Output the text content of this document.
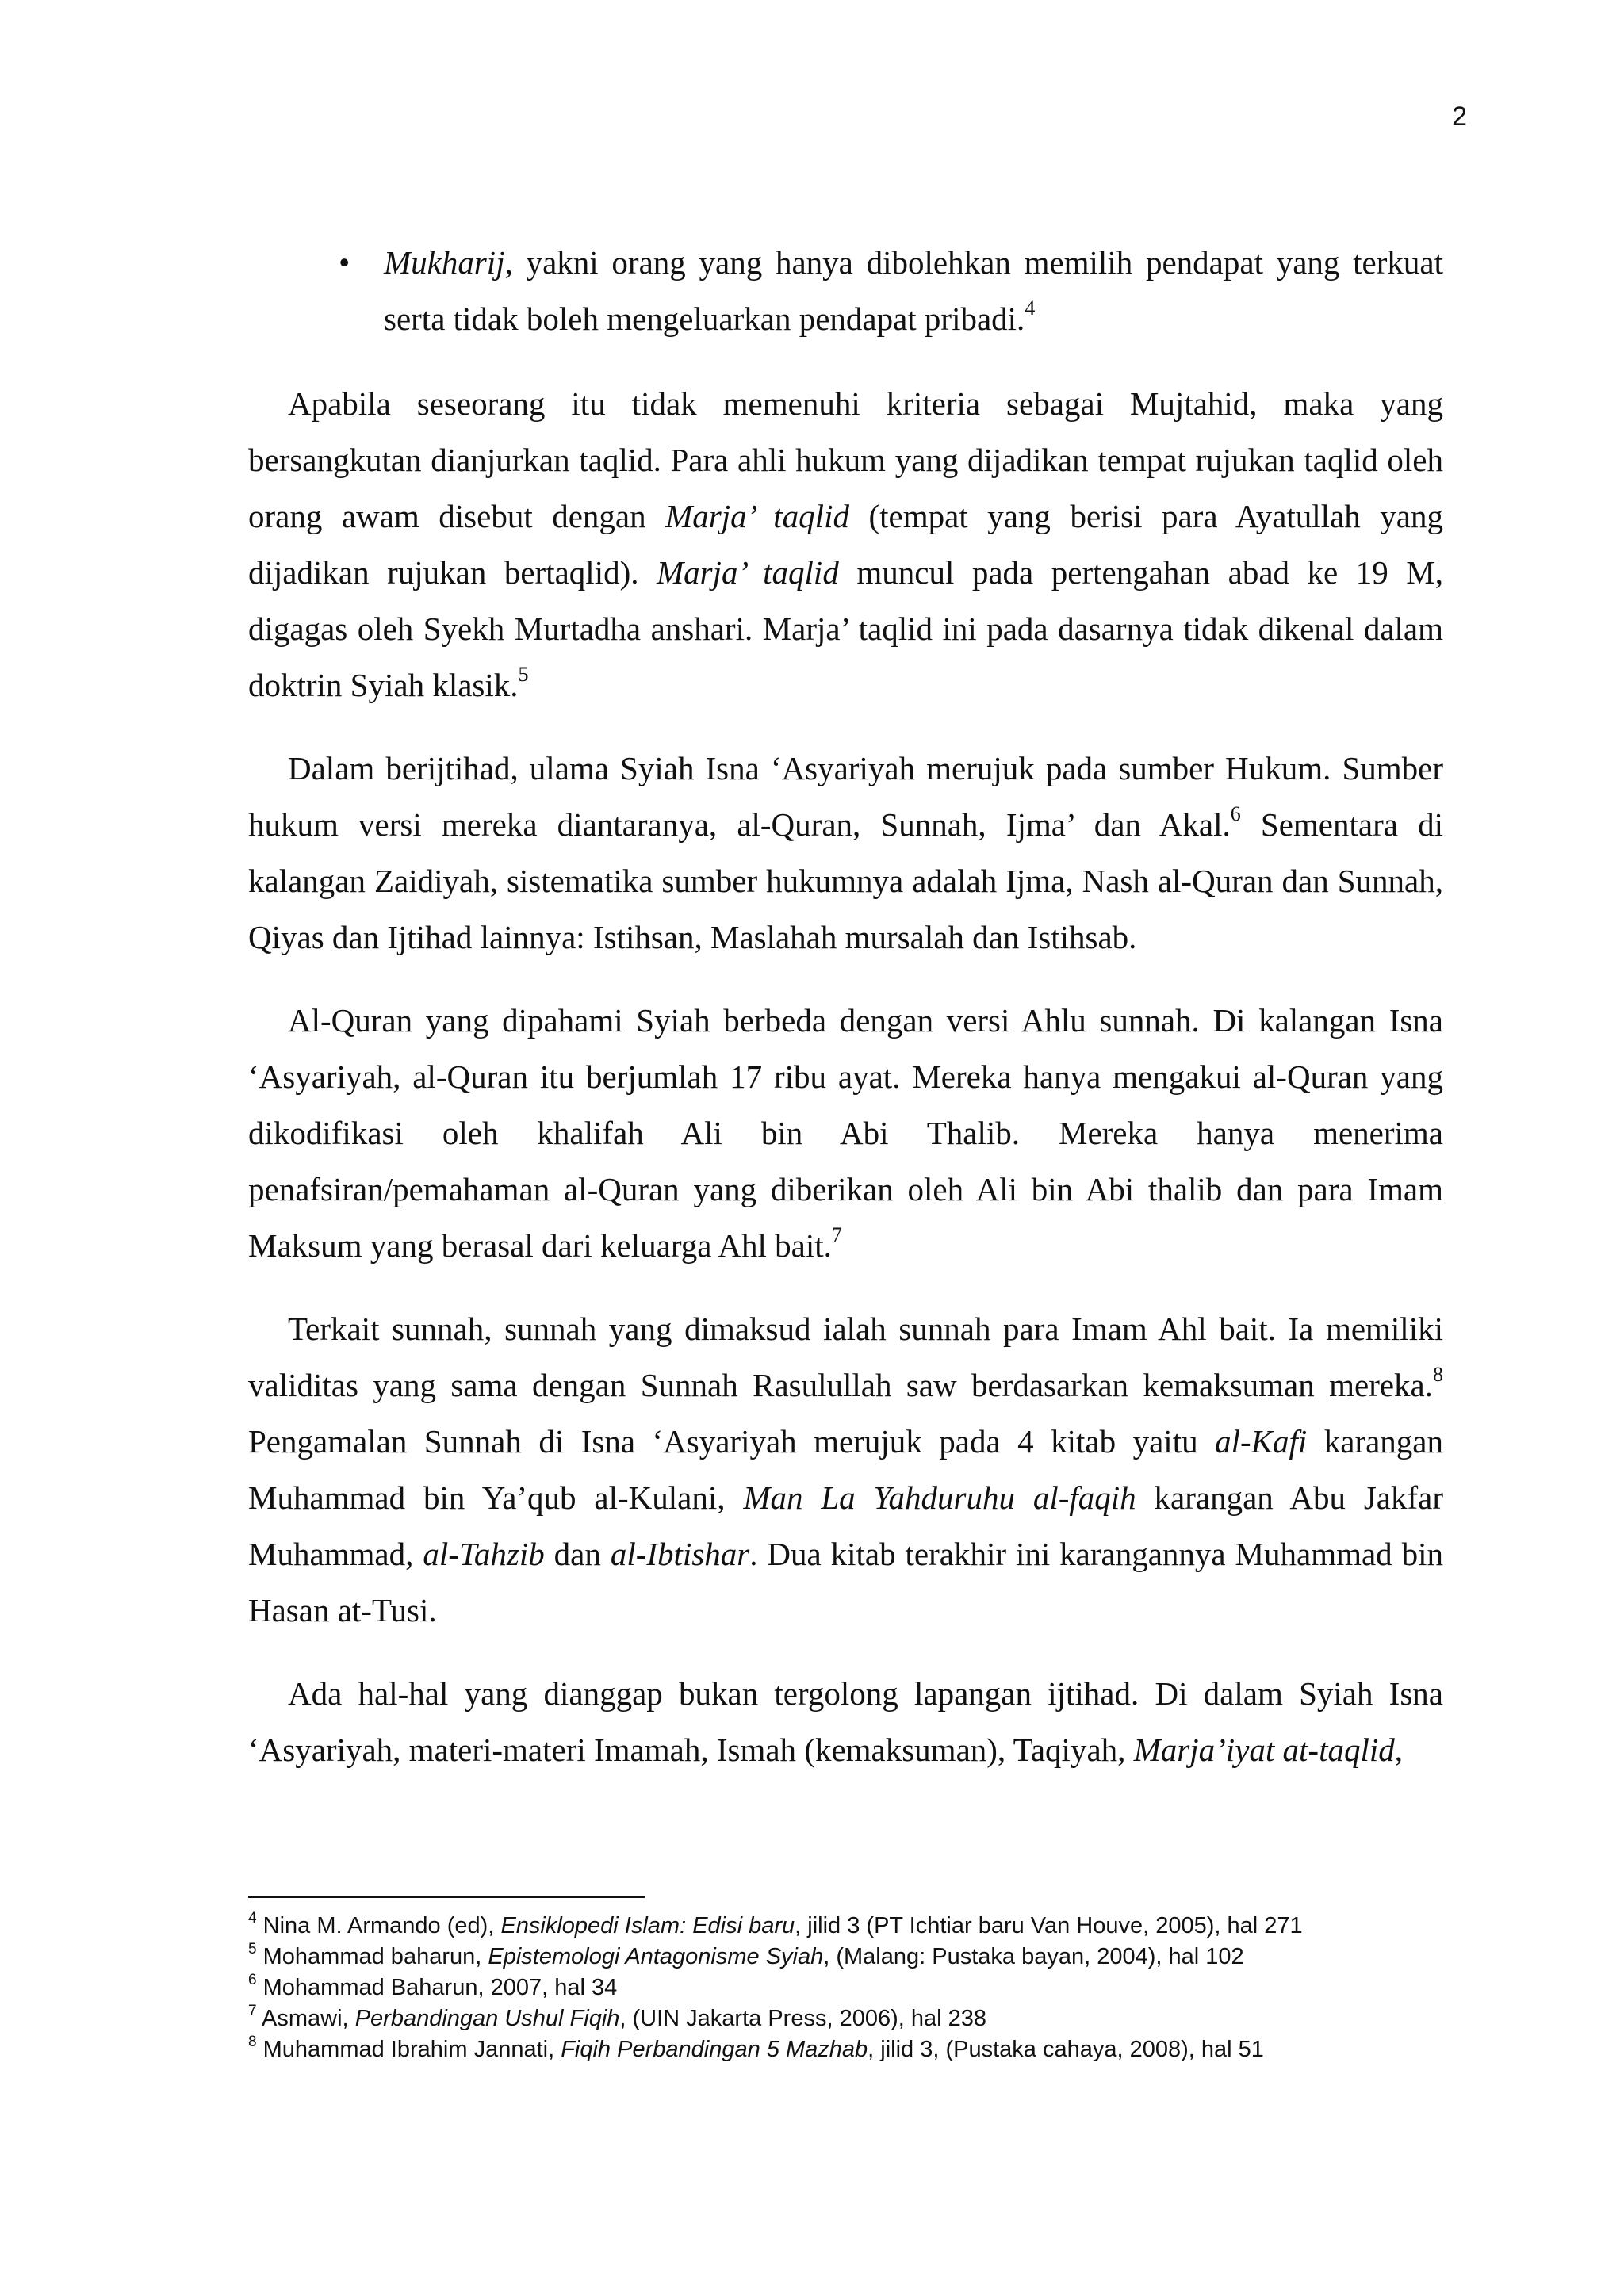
2
• Mukharij, yakni orang yang hanya dibolehkan memilih pendapat yang terkuat serta tidak boleh mengeluarkan pendapat pribadi.$^4$

Apabila seseorang itu tidak memenuhi kriteria sebagai Mujtahid, maka yang bersangkutan dianjurkan taqlid. Para ahli hukum yang dijadikan tempat rujukan taqlid oleh orang awam disebut dengan Marja’ taqlid (tempat yang berisi para Ayatullah yang dijadikan rujukan bertaqlid). Marja’ taqlid muncul pada pertengahan abad ke 19 M, digagas oleh Syekh Murtadha anshari. Marja’ taqlid ini pada dasarnya tidak dikenal dalam doktrin Syiah klasik.$^5$

Dalam berijtihad, ulama Syiah Isna ‘Asyariyah merujuk pada sumber Hukum. Sumber hukum versi mereka diantaranya, al-Quran, Sunnah, Ijma’ dan Akal.$^6$ Sementara di kalangan Zaidiyah, sistematika sumber hukumnya adalah Ijma, Nash al-Quran dan Sunnah, Qiyas dan Ijtihad lainnya: Istihsan, Maslahah mursalah dan Istihsab.

Al-Quran yang dipahami Syiah berbeda dengan versi Ahlu sunnah. Di kalangan Isna ‘Asyariyah, al-Quran itu berjumlah 17 ribu ayat. Mereka hanya mengakui al-Quran yang dikodifikasi oleh khalifah Ali bin Abi Thalib. Mereka hanya menerima penafsiran/pemahaman al-Quran yang diberikan oleh Ali bin Abi thalib dan para Imam Maksum yang berasal dari keluarga Ahl bait.$^7$

Terkait sunnah, sunnah yang dimaksud ialah sunnah para Imam Ahl bait. Ia memiliki validitas yang sama dengan Sunnah Rasulullah saw berdasarkan kemaksuman mereka.$^8$ Pengamalan Sunnah di Isna ‘Asyariyah merujuk pada 4 kitab yaitu al-Kafi karangan Muhammad bin Ya’qub al-Kulani, Man La Yahduruhu al-faqih karangan Abu Jakfar Muhammad, al-Tahzib dan al-Ibtishar. Dua kitab terakhir ini karangannya Muhammad bin Hasan at-Tusi.

Ada hal-hal yang dianggap bukan tergolong lapangan ijtihad. Di dalam Syiah Isna ‘Asyariyah, materi-materi Imamah, Ismah (kemaksuman), Taqiyah, Marja’iyat at-taqlid,

$^4$ Nina M. Armando (ed), Ensiklopedi Islam: Edisi baru, jilid 3 (PT Ichtiar baru Van Houve, 2005), hal 271

$^5$ Mohammad baharun, Epistemologi Antagonisme Syiah, (Malang: Pustaka bayan, 2004), hal 102

$^6$ Mohammad Baharun, 2007, hal 34

$^7$ Asmawi, Perbandingan Ushul Fiqih, (UIN Jakarta Press, 2006), hal 238

$^8$ Muhammad Ibrahim Jannati, Fiqih Perbandingan 5 Mazhab, jilid 3, (Pustaka cahaya, 2008), hal 51
